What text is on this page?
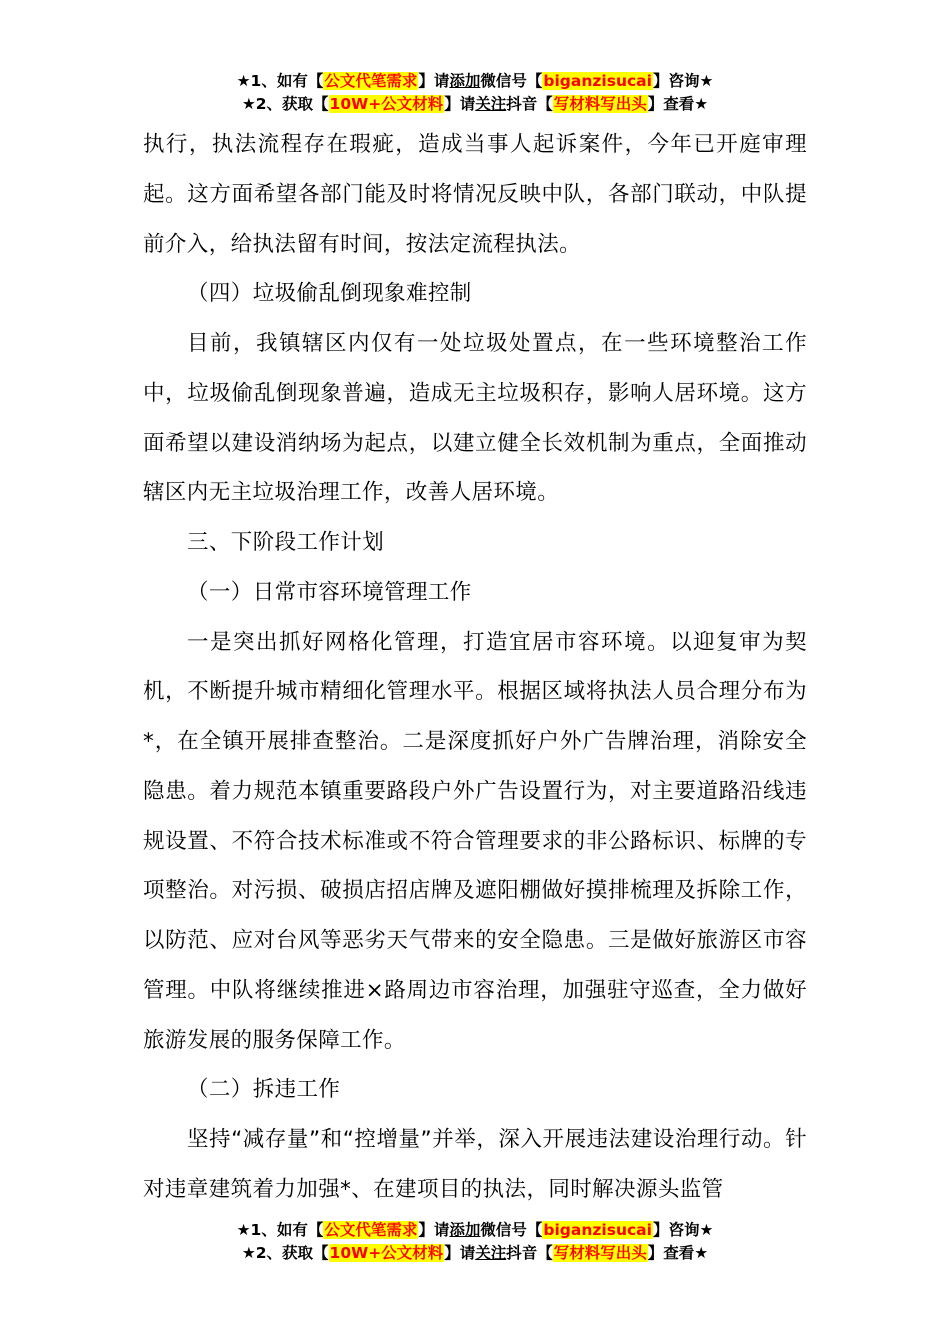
★1、如有【公文代笔需求】请添加微信号【biganzisucai】咨询★
★2、获取【10W+公文材料】请关注抖音【写材料写出头】查看★

执行，执法流程存在瑕疵，造成当事人起诉案件，今年已开庭审理起。这方面希望各部门能及时将情况反映中队，各部门联动，中队提前介入，给执法留有时间，按法定流程执法。

（四）垃圾偷乱倒现象难控制

目前，我镇辖区内仅有一处垃圾处置点，在一些环境整治工作中，垃圾偷乱倒现象普遍，造成无主垃圾积存，影响人居环境。这方面希望以建设消纳场为起点，以建立健全长效机制为重点，全面推动辖区内无主垃圾治理工作，改善人居环境。

三、下阶段工作计划

（一）日常市容环境管理工作

一是突出抓好网格化管理，打造宜居市容环境。以迎复审为契机，不断提升城市精细化管理水平。根据区域将执法人员合理分布为*，在全镇开展排查整治。二是深度抓好户外广告牌治理，消除安全隐患。着力规范本镇重要路段户外广告设置行为，对主要道路沿线违规设置、不符合技术标准或不符合管理要求的非公路标识、标牌的专项整治。对污损、破损店招店牌及遮阳棚做好摸排梳理及拆除工作，以防范、应对台风等恶劣天气带来的安全隐患。三是做好旅游区市容管理。中队将继续推进×路周边市容治理，加强驻守巡查，全力做好旅游发展的服务保障工作。

（二）拆违工作

坚持“减存量”和“控增量”并举，深入开展违法建设治理行动。针对违章建筑着力加强*、在建项目的执法，同时解决源头监管

★1、如有【公文代笔需求】请添加微信号【biganzisucai】咨询★
★2、获取【10W+公文材料】请关注抖音【写材料写出头】查看★
